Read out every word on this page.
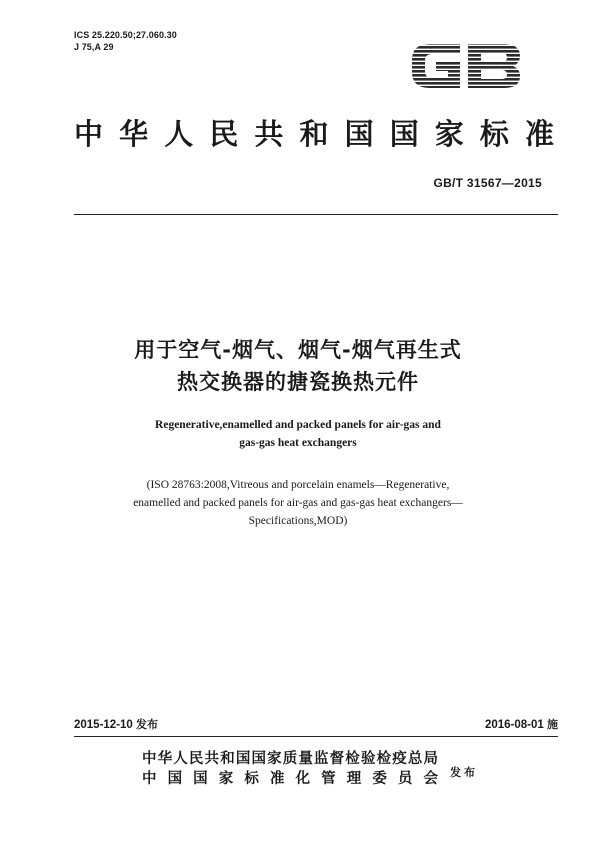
ICS 25.220.50;27.060.30
J 75,A 29
GB
中华人民共和国国家标准
GB/T 31567—2015
用于空气-烟气、烟气-烟气再生式
热交换器的搪瓷换热元件
Regenerative,enamelled and packed panels for air-gas and
gas-gas heat exchangers
(ISO 28763:2008,Vitreous and porcelain enamels—Regenerative,
enamelled and packed panels for air-gas and gas-gas heat exchangers—
Specifications,MOD)
2015-12-10 发布	2016-08-01 施
中华人民共和国国家质量监督检验检疫总局
中国国家标准化管理委员会 发布
